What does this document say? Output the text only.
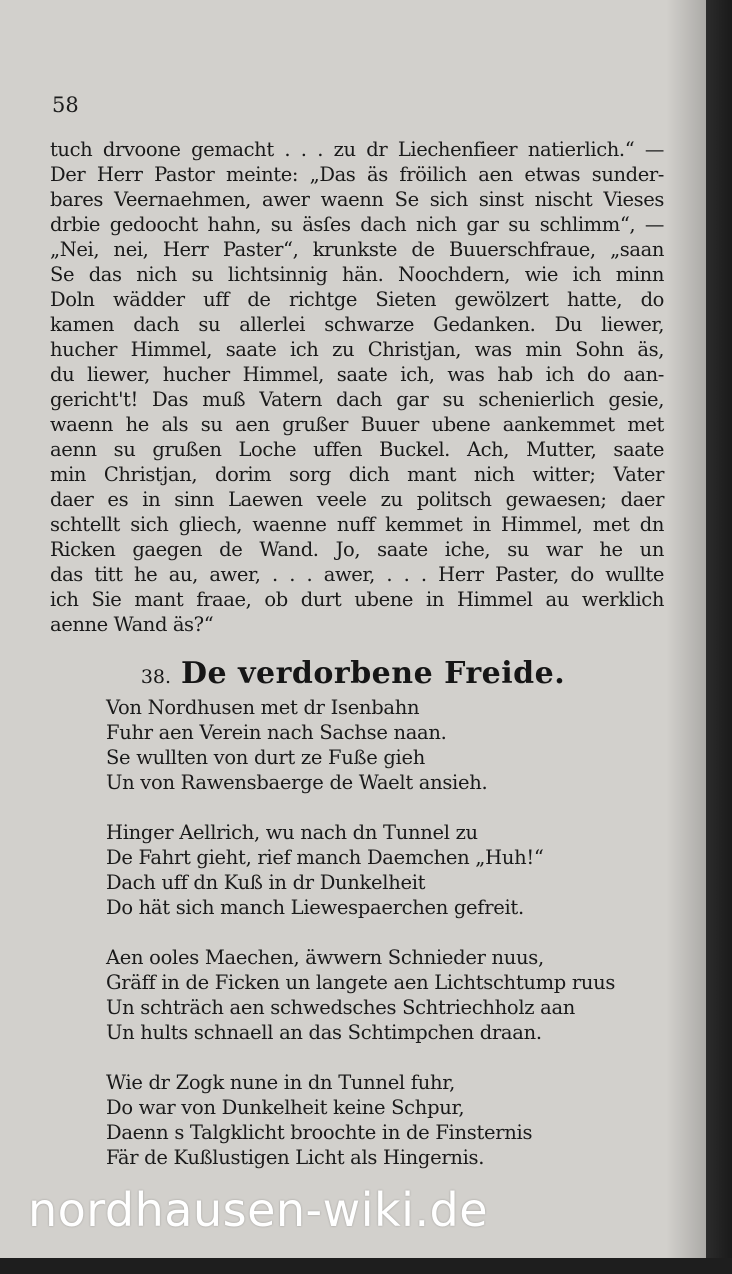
58
tuch drvoone gemacht . . . zu dr Liechenfieer natierlich.“ —
Der Herr Pastor meinte: „Das äs fröilich aen etwas sunder-
bares Veernaehmen, awer waenn Se sich sinst nischt Vieses
drbie gedoocht hahn, su äsſes dach nich gar su schlimm“, —
„Nei, nei, Herr Paster“, krunkste de Buuerschfraue, „saan
Se das nich su lichtsinnig hän. Noochdern, wie ich minn
Doln wädder uff de richtge Sieten gewölzert hatte, do
kamen dach su allerlei schwarze Gedanken. Du liewer,
hucher Himmel, saate ich zu Christjan, was min Sohn äs,
du liewer, hucher Himmel, saate ich, was hab ich do aan-
gericht't! Das muß Vatern dach gar su schenierlich gesie,
waenn he als su aen grußer Buuer ubene aankemmet met
aenn su grußen Loche uffen Buckel. Ach, Mutter, saate
min Christjan, dorim sorg dich mant nich witter; Vater
daer es in sinn Laewen veele zu politsch gewaesen; daer
schtellt sich gliech, waenne nuff kemmet in Himmel, met dn
Ricken gaegen de Wand. Jo, saate iche, su war he un
das titt he au, awer, . . . awer, . . . Herr Paster, do wullte
ich Sie mant fraae, ob durt ubene in Himmel au werklich
aenne Wand äs?“
38. De verdorbene Freide.
Von Nordhusen met dr Isenbahn
Fuhr aen Verein nach Sachse naan.
Se wullten von durt ze Fuße gieh
Un von Rawensbaerge de Waelt ansieh.
Hinger Aellrich, wu nach dn Tunnel zu
De Fahrt gieht, rief manch Daemchen „Huh!“
Dach uff dn Kuß in dr Dunkelheit
Do hät sich manch Liewespaerchen gefreit.
Aen ooles Maechen, äwwern Schnieder nuus,
Gräff in de Ficken un langete aen Lichtschtump ruus
Un schträch aen schwedsches Schtriechholz aan
Un hults schnaell an das Schtimpchen draan.
Wie dr Zogk nune in dn Tunnel fuhr,
Do war von Dunkelheit keine Schpur,
Daenn s Talgklicht broochte in de Finsternis
Fär de Kußlustigen Licht als Hingernis.
nordhausen-wiki.de
